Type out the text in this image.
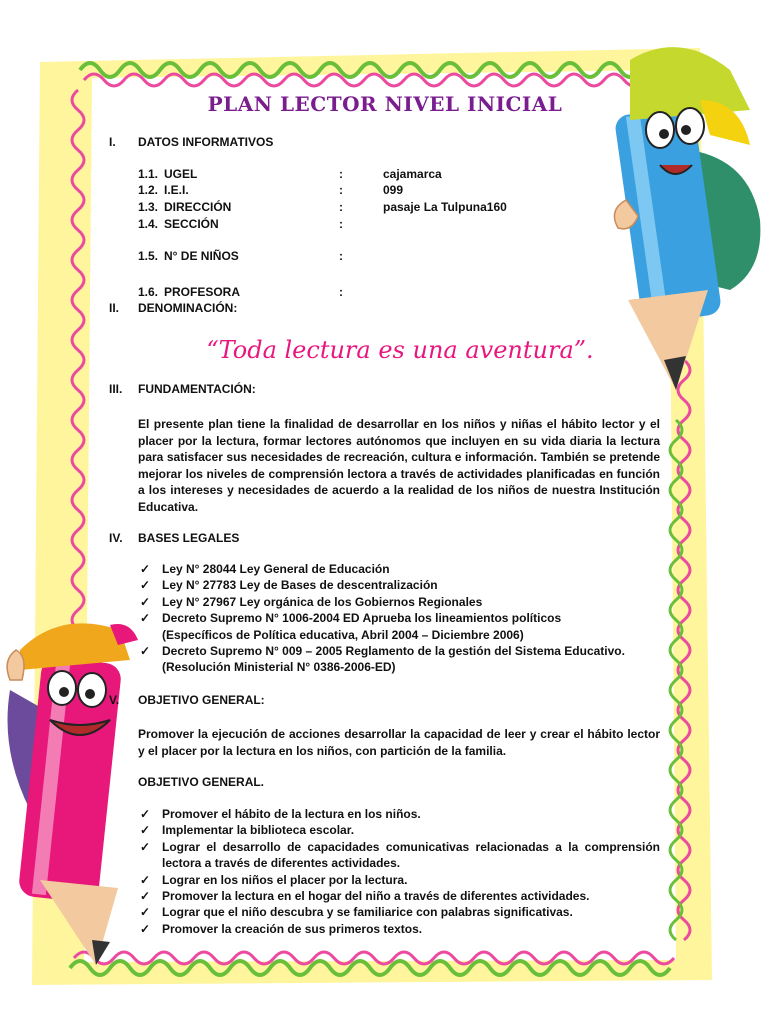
PLAN LECTOR NIVEL INICIAL
I. DATOS INFORMATIVOS
1.1. UGEL	:	cajamarca
1.2. I.E.I.	:	099
1.3. DIRECCIÓN	:	pasaje La Tulpuna160
1.4. SECCIÓN	:
1.5. N° DE NIÑOS	:
1.6. PROFESORA	:
II. DENOMINACIÓN:
“Toda lectura es una aventura”.
III. FUNDAMENTACIÓN:
El presente plan tiene la finalidad de desarrollar en los niños y niñas el hábito lector y el placer por la lectura, formar lectores autónomos que incluyen en su vida diaria la lectura para satisfacer sus necesidades de recreación, cultura e información. También se pretende mejorar los niveles de comprensión lectora a través de actividades planificadas en función a los intereses y necesidades de acuerdo a la realidad de los niños de nuestra Institución Educativa.
IV. BASES LEGALES
✓ Ley N° 28044 Ley General de Educación
✓ Ley N° 27783 Ley de Bases de descentralización
✓ Ley N° 27967 Ley orgánica de los Gobiernos Regionales
✓ Decreto Supremo N° 1006-2004 ED Aprueba los lineamientos políticos
(Específicos de Política educativa, Abril 2004 – Diciembre 2006)
✓ Decreto Supremo N° 009 – 2005 Reglamento de la gestión del Sistema Educativo.
(Resolución Ministerial N° 0386-2006-ED)
V. OBJETIVO GENERAL:
Promover la ejecución de acciones desarrollar la capacidad de leer y crear el hábito lector y el placer por la lectura en los niños, con partición de la familia.
OBJETIVO GENERAL.
✓ Promover el hábito de la lectura en los niños.
✓ Implementar la biblioteca escolar.
✓ Lograr el desarrollo de capacidades comunicativas relacionadas a la comprensión lectora a través de diferentes actividades.
✓ Lograr en los niños el placer por la lectura.
✓ Promover la lectura en el hogar del niño a través de diferentes actividades.
✓ Lograr que el niño descubra y se familiarice con palabras significativas.
✓ Promover la creación de sus primeros textos.
